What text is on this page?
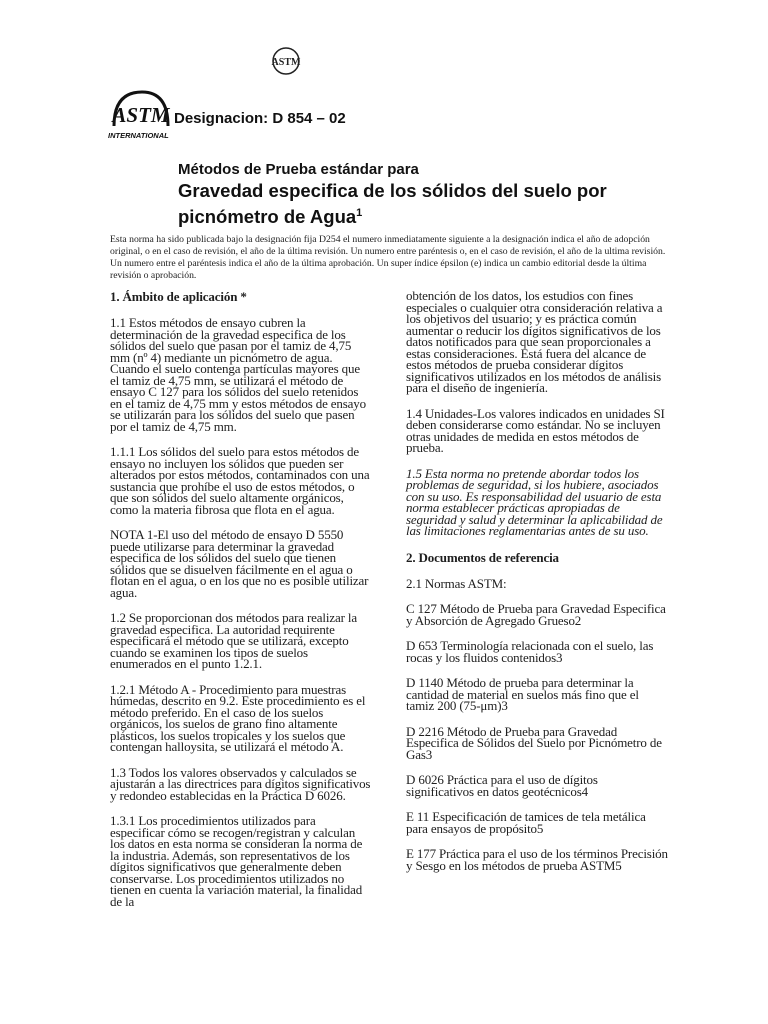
ASTM
ASTM
INTERNATIONAL
Designacion: D 854 – 02
Métodos de Prueba estándar para
Gravedad especifica de los sólidos del suelo por
picnómetro de Agua$^1$
Esta norma ha sido publicada bajo la designación fija D254 el numero inmediatamente siguiente a la designación indica el año de adopción original, o en el caso de revisión, el año de la última revisión. Un numero entre paréntesis o, en el caso de revisión, el año de la ultima revisión. Un numero entre el paréntesis indica el año de la última aprobación. Un super índice épsilon (e) indica un cambio editorial desde la última revisión o aprobación.

1. Ámbito de aplicación *

1.1 Estos métodos de ensayo cubren la determinación de la gravedad especifica de los sólidos del suelo que pasan por el tamiz de 4,75 mm (nº 4) mediante un picnómetro de agua. Cuando el suelo contenga partículas mayores que el tamiz de 4,75 mm, se utilizará el método de ensayo C 127 para los sólidos del suelo retenidos en el tamiz de 4,75 mm y estos métodos de ensayo se utilizarán para los sólidos del suelo que pasen por el tamiz de 4,75 mm.

1.1.1 Los sólidos del suelo para estos métodos de ensayo no incluyen los sólidos que pueden ser alterados por estos métodos, contaminados con una sustancia que prohíbe el uso de estos métodos, o que son sólidos del suelo altamente orgánicos, como la materia fibrosa que flota en el agua.

NOTA 1-El uso del método de ensayo D 5550 puede utilizarse para determinar la gravedad especifica de los sólidos del suelo que tienen sólidos que se disuelven fácilmente en el agua o flotan en el agua, o en los que no es posible utilizar agua.

1.2 Se proporcionan dos métodos para realizar la gravedad especifica. La autoridad requirente especificará el método que se utilizará, excepto cuando se examinen los tipos de suelos enumerados en el punto 1.2.1.

1.2.1 Método A - Procedimiento para muestras húmedas, descrito en 9.2. Este procedimiento es el método preferido. En el caso de los suelos orgánicos, los suelos de grano fino altamente plásticos, los suelos tropicales y los suelos que contengan halloysita, se utilizará el método A.

1.3 Todos los valores observados y calculados se ajustarán a las directrices para dígitos significativos y redondeo establecidas en la Práctica D 6026.

1.3.1 Los procedimientos utilizados para especificar cómo se recogen/registran y calculan los datos en esta norma se consideran la norma de la industria. Además, son representativos de los dígitos significativos que generalmente deben conservarse. Los procedimientos utilizados no tienen en cuenta la variación material, la finalidad de la

obtención de los datos, los estudios con fines especiales o cualquier otra consideración relativa a los objetivos del usuario; y es práctica común aumentar o reducir los dígitos significativos de los datos notificados para que sean proporcionales a estas consideraciones. Está fuera del alcance de estos métodos de prueba considerar dígitos significativos utilizados en los métodos de análisis para el diseño de ingeniería.

1.4 Unidades-Los valores indicados en unidades SI deben considerarse como estándar. No se incluyen otras unidades de medida en estos métodos de prueba.

1.5 Esta norma no pretende abordar todos los problemas de seguridad, si los hubiere, asociados con su uso. Es responsabilidad del usuario de esta norma establecer prácticas apropiadas de seguridad y salud y determinar la aplicabilidad de las limitaciones reglamentarias antes de su uso.

2. Documentos de referencia

2.1 Normas ASTM:

C 127 Método de Prueba para Gravedad Especifica y Absorción de Agregado Grueso2

D 653 Terminología relacionada con el suelo, las rocas y los fluidos contenidos3

D 1140 Método de prueba para determinar la cantidad de material en suelos más fino que el tamiz 200 (75-μm)3

D 2216 Método de Prueba para Gravedad Especifica de Sólidos del Suelo por Picnómetro de Gas3

D 6026 Práctica para el uso de dígitos significativos en datos geotécnicos4

E 11 Especificación de tamices de tela metálica para ensayos de propósito5

E 177 Práctica para el uso de los términos Precisión y Sesgo en los métodos de prueba ASTM5
